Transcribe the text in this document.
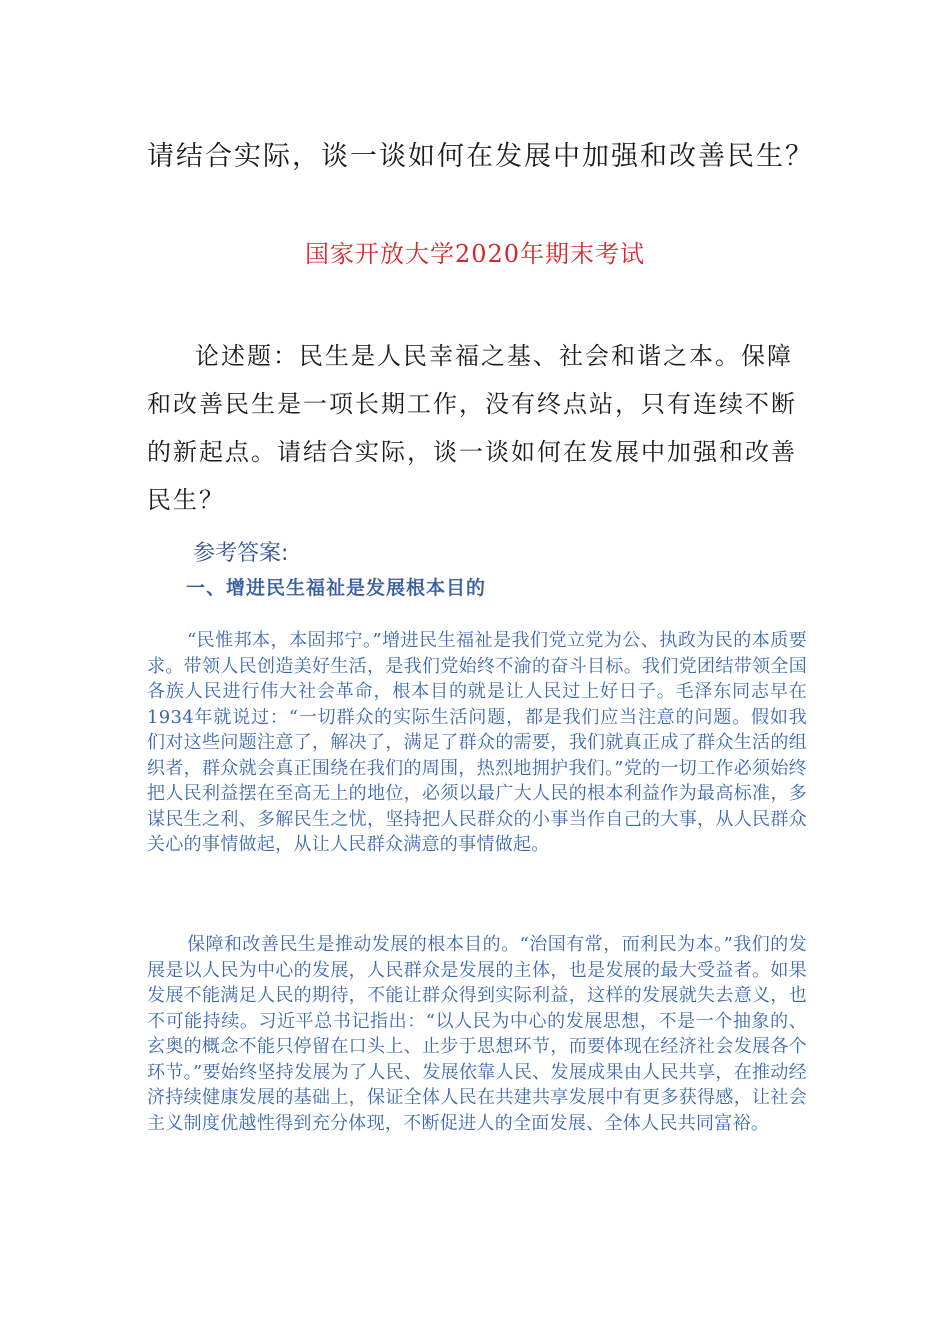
请结合实际，谈一谈如何在发展中加强和改善民生？
国家开放大学2020年期末考试

论述题：民生是人民幸福之基、社会和谐之本。保障和改善民生是一项长期工作，没有终点站，只有连续不断的新起点。请结合实际，谈一谈如何在发展中加强和改善民生？

参考答案:
一、增进民生福祉是发展根本目的

“民惟邦本，本固邦宁。”增进民生福祉是我们党立党为公、执政为民的本质要求。带领人民创造美好生活，是我们党始终不渝的奋斗目标。我们党团结带领全国各族人民进行伟大社会革命，根本目的就是让人民过上好日子。毛泽东同志早在1934年就说过：“一切群众的实际生活问题，都是我们应当注意的问题。假如我们对这些问题注意了，解决了，满足了群众的需要，我们就真正成了群众生活的组织者，群众就会真正围绕在我们的周围，热烈地拥护我们。”党的一切工作必须始终把人民利益摆在至高无上的地位，必须以最广大人民的根本利益作为最高标准，多谋民生之利、多解民生之忧，坚持把人民群众的小事当作自己的大事，从人民群众关心的事情做起，从让人民群众满意的事情做起。

保障和改善民生是推动发展的根本目的。“治国有常，而利民为本。”我们的发展是以人民为中心的发展，人民群众是发展的主体，也是发展的最大受益者。如果发展不能满足人民的期待，不能让群众得到实际利益，这样的发展就失去意义，也不可能持续。习近平总书记指出：“以人民为中心的发展思想，不是一个抽象的、玄奥的概念不能只停留在口头上、止步于思想环节，而要体现在经济社会发展各个环节。”要始终坚持发展为了人民、发展依靠人民、发展成果由人民共享，在推动经济持续健康发展的基础上，保证全体人民在共建共享发展中有更多获得感，让社会主义制度优越性得到充分体现，不断促进人的全面发展、全体人民共同富裕。
